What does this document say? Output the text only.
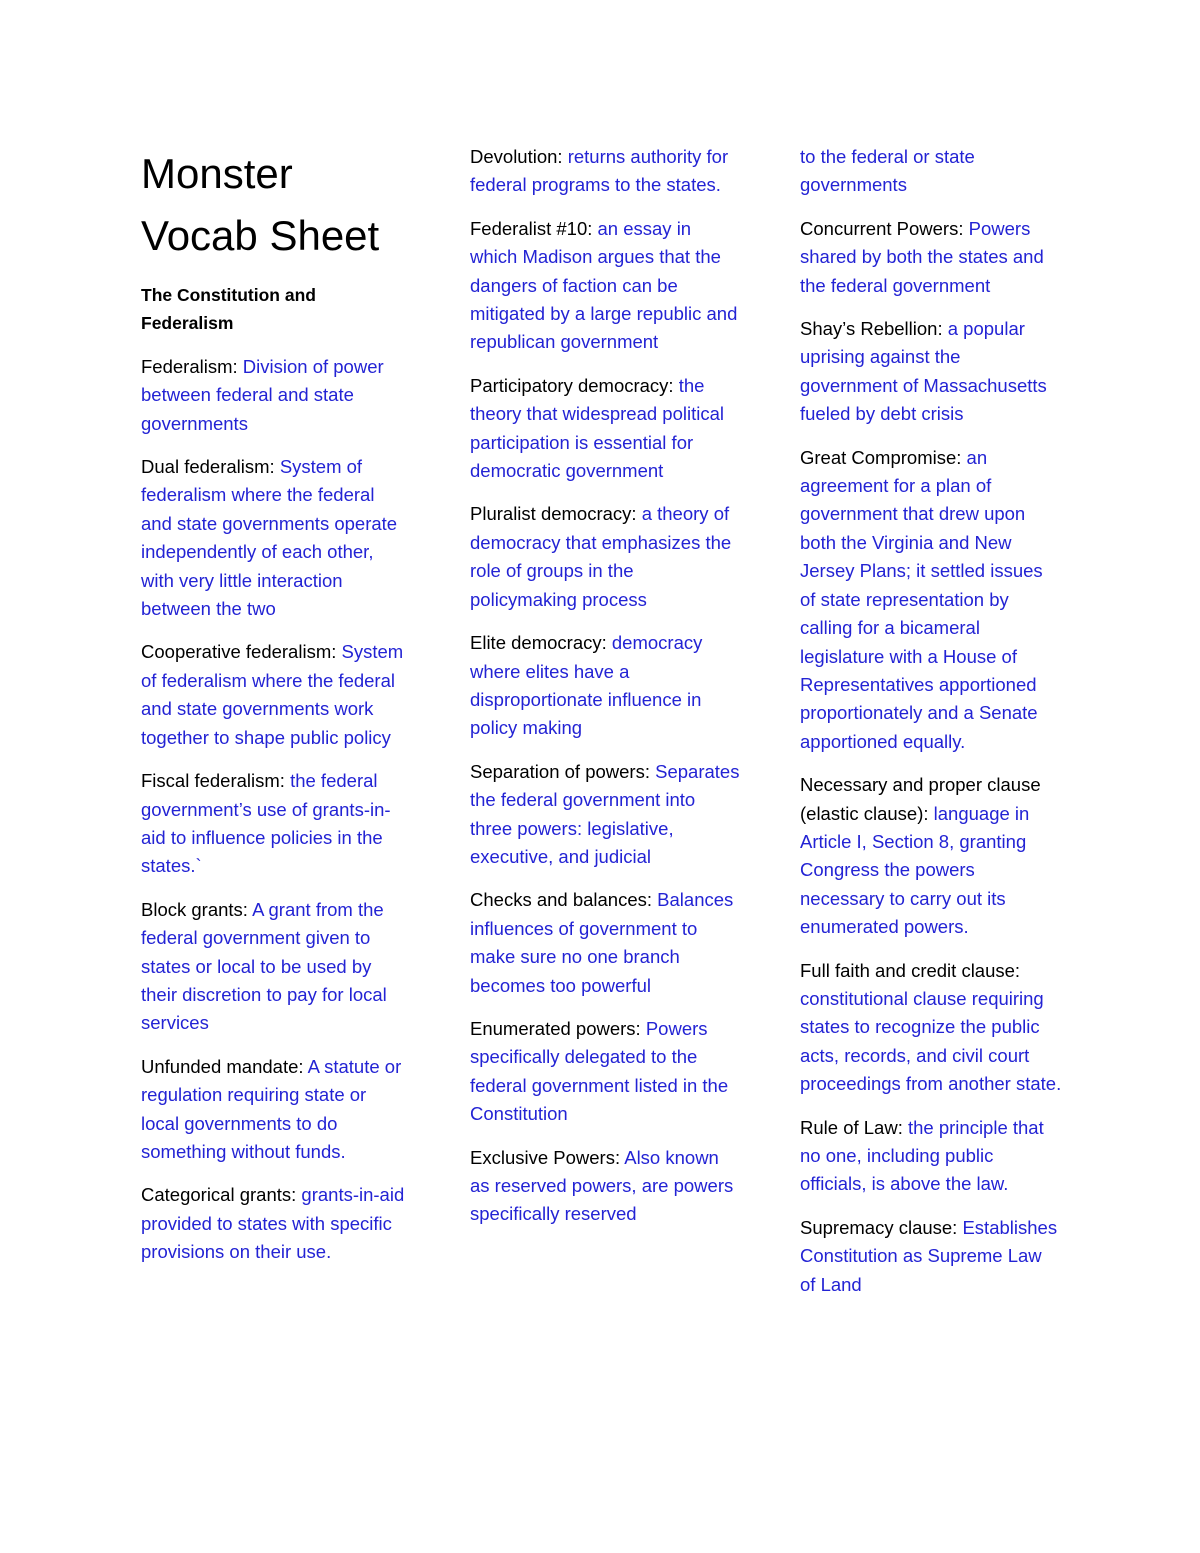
Monster
Vocab Sheet
The Constitution and Federalism
Federalism: Division of power between federal and state governments
Dual federalism: System of federalism where the federal and state governments operate independently of each other, with very little interaction between the two
Cooperative federalism: System of federalism where the federal and state governments work together to shape public policy
Fiscal federalism: the federal government’s use of grants-in-aid to influence policies in the states.`
Block grants: A grant from the federal government given to states or local to be used by their discretion to pay for local services
Unfunded mandate: A statute or regulation requiring state or local governments to do something without funds.
Categorical grants: grants-in-aid provided to states with specific provisions on their use.
Devolution: returns authority for federal programs to the states.
Federalist #10: an essay in which Madison argues that the dangers of faction can be mitigated by a large republic and republican government
Participatory democracy: the theory that widespread political participation is essential for democratic government
Pluralist democracy: a theory of democracy that emphasizes the role of groups in the policymaking process
Elite democracy: democracy where elites have a disproportionate influence in policy making
Separation of powers: Separates the federal government into three powers: legislative, executive, and judicial
Checks and balances: Balances influences of government to make sure no one branch becomes too powerful
Enumerated powers: Powers specifically delegated to the federal government listed in the Constitution
Exclusive Powers: Also known as reserved powers, are powers specifically reserved
to the federal or state governments
Concurrent Powers: Powers shared by both the states and the federal government
Shay’s Rebellion: a popular uprising against the government of Massachusetts fueled by debt crisis
Great Compromise: an agreement for a plan of government that drew upon both the Virginia and New Jersey Plans; it settled issues of state representation by calling for a bicameral legislature with a House of Representatives apportioned proportionately and a Senate apportioned equally.
Necessary and proper clause (elastic clause): language in Article I, Section 8, granting Congress the powers necessary to carry out its enumerated powers.
Full faith and credit clause: constitutional clause requiring states to recognize the public acts, records, and civil court proceedings from another state.
Rule of Law: the principle that no one, including public officials, is above the law.
Supremacy clause: Establishes Constitution as Supreme Law of Land
